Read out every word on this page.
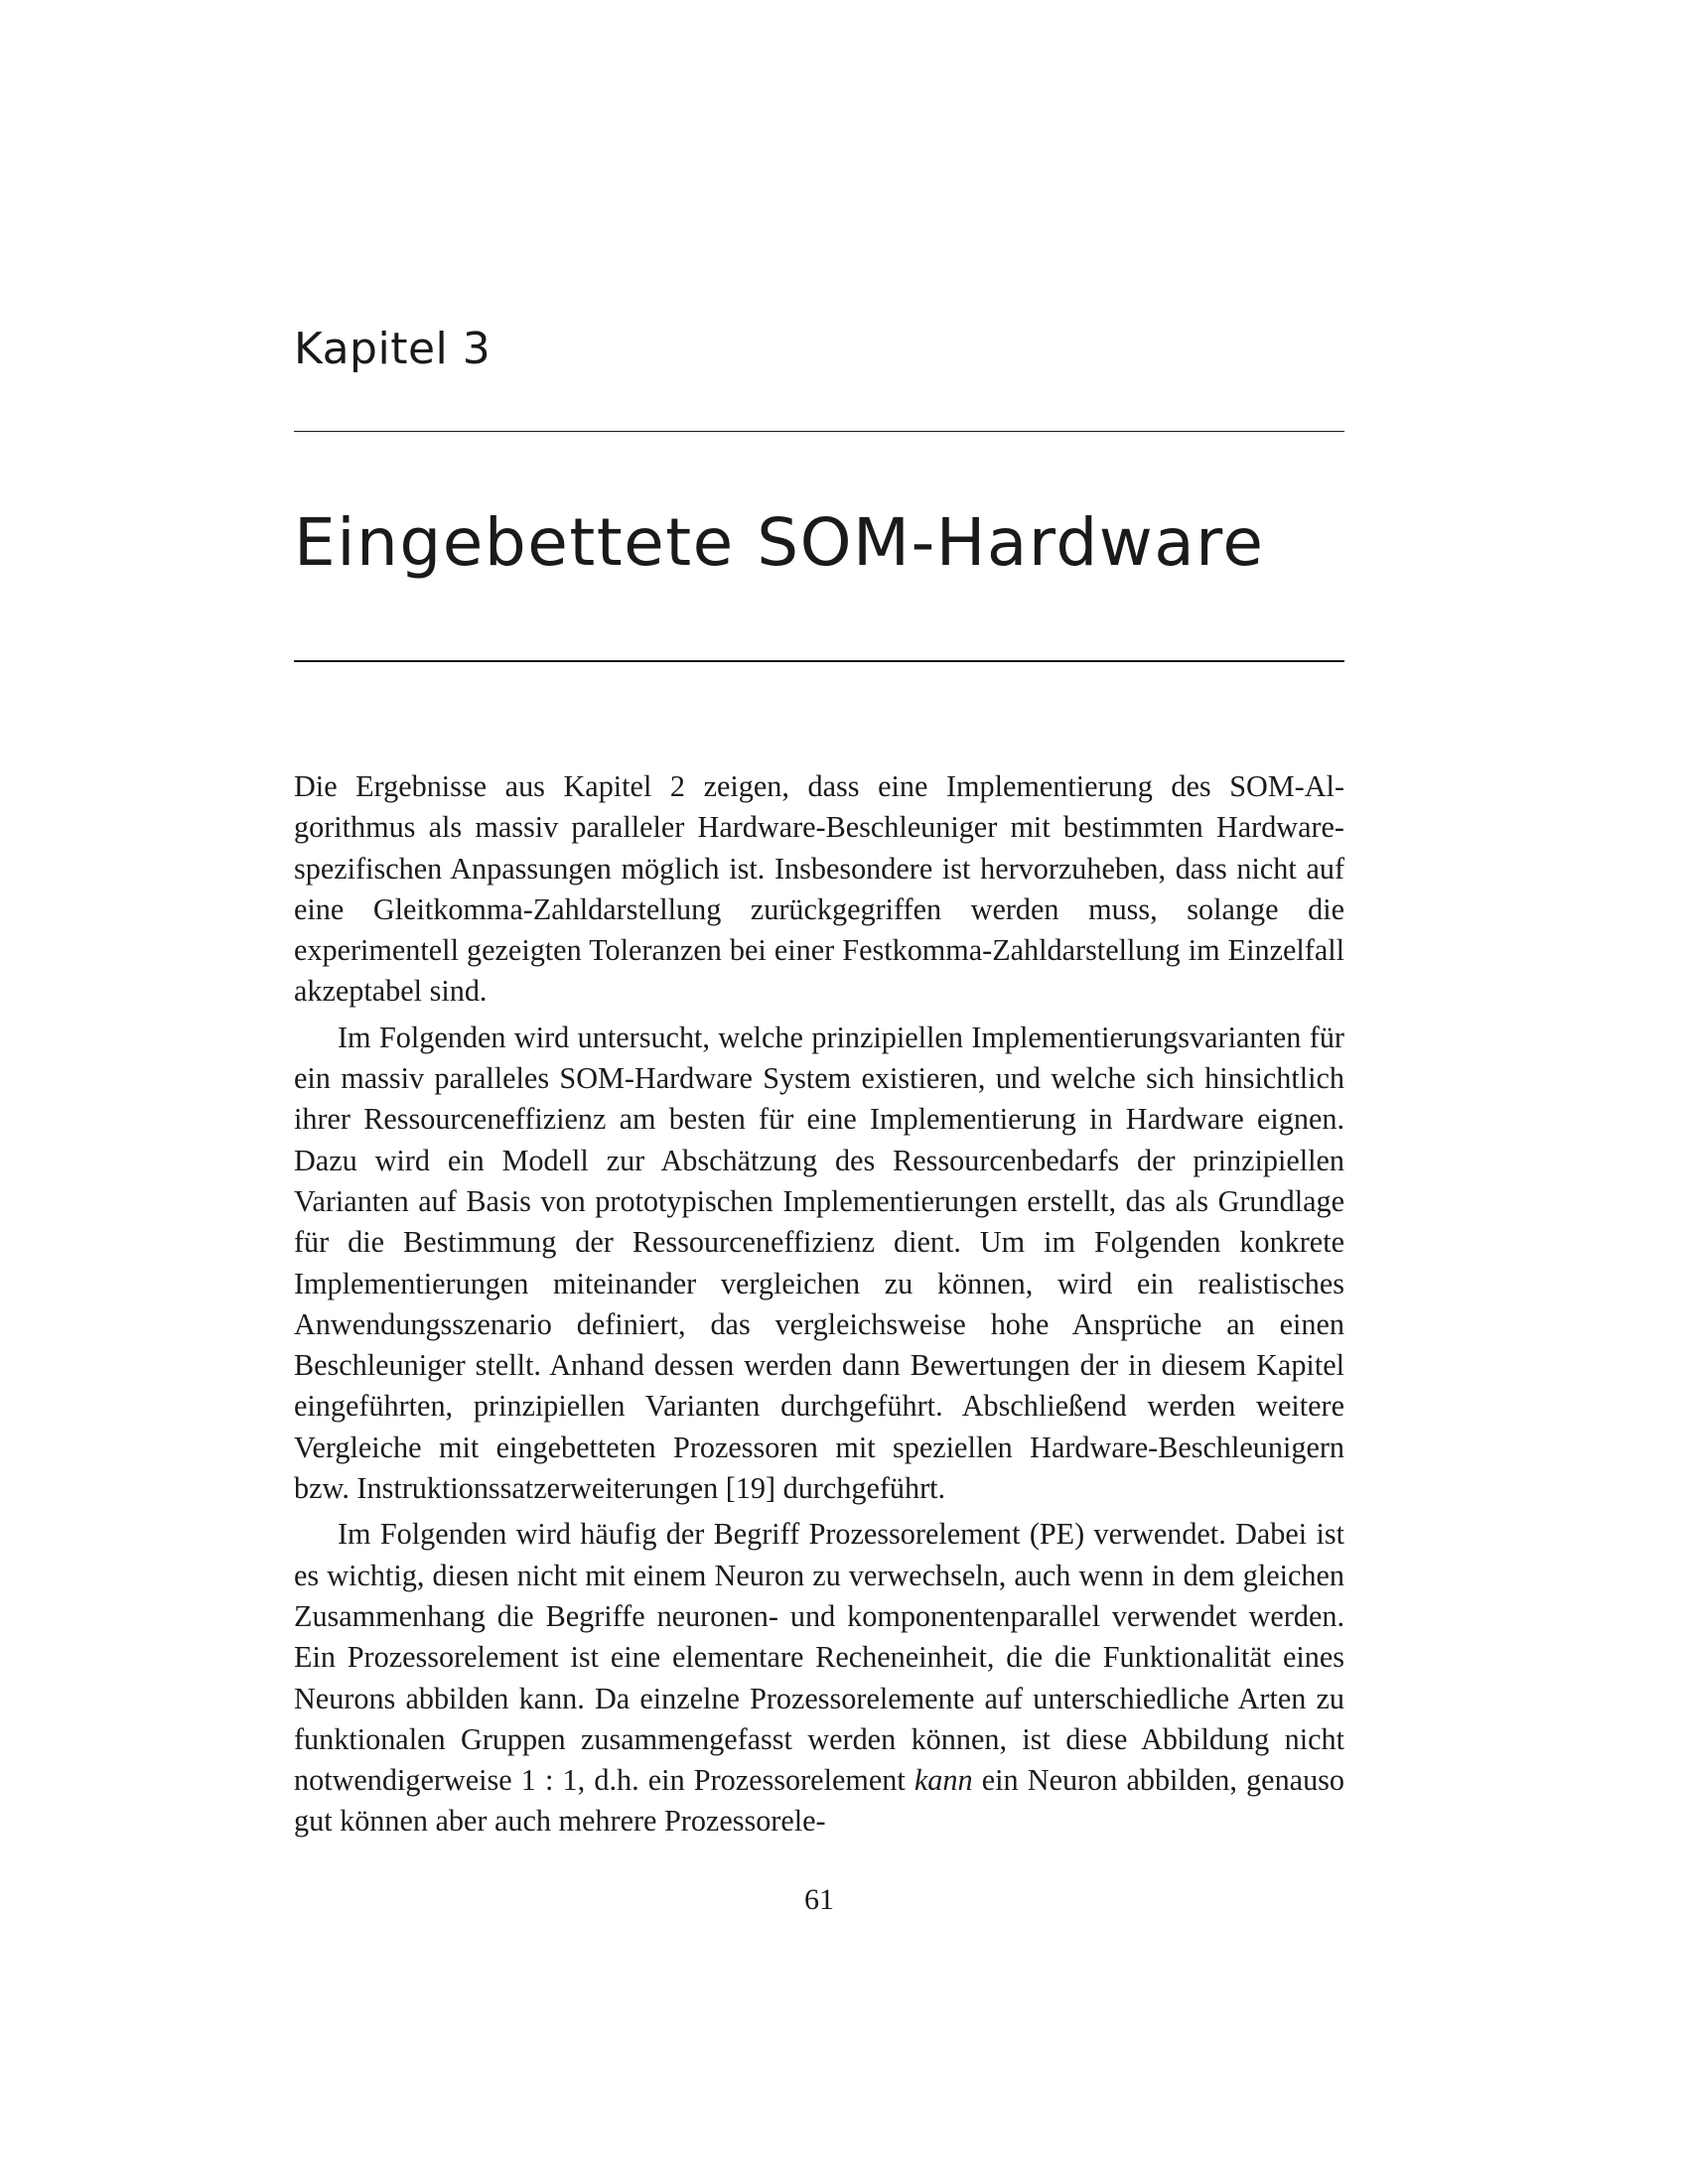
Kapitel 3
Eingebettete SOM-Hardware

Die Ergebnisse aus Kapitel 2 zeigen, dass eine Implementierung des SOM-Algorithmus als massiv paralleler Hardware-Beschleuniger mit bestimmten Hardware-spezifischen Anpassungen möglich ist. Insbesondere ist hervorzuheben, dass nicht auf eine Gleitkomma-Zahldarstellung zurückgegriffen werden muss, solange die experimentell gezeigten Toleranzen bei einer Festkomma-Zahldarstellung im Einzelfall akzeptabel sind.

Im Folgenden wird untersucht, welche prinzipiellen Implementierungsvarianten für ein massiv paralleles SOM-Hardware System existieren, und welche sich hinsichtlich ihrer Ressourceneffizienz am besten für eine Implementierung in Hardware eignen. Dazu wird ein Modell zur Abschätzung des Ressourcenbedarfs der prinzipiellen Varianten auf Basis von prototypischen Implementierungen erstellt, das als Grundlage für die Bestimmung der Ressourceneffizienz dient. Um im Folgenden konkrete Implementierungen miteinander vergleichen zu können, wird ein realistisches Anwendungsszenario definiert, das vergleichsweise hohe Ansprüche an einen Beschleuniger stellt. Anhand dessen werden dann Bewertungen der in diesem Kapitel eingeführten, prinzipiellen Varianten durchgeführt. Abschließend werden weitere Vergleiche mit eingebetteten Prozessoren mit speziellen Hardware-Beschleunigern bzw. Instruktionssatzerweiterungen [19] durchgeführt.

Im Folgenden wird häufig der Begriff Prozessorelement (PE) verwendet. Dabei ist es wichtig, diesen nicht mit einem Neuron zu verwechseln, auch wenn in dem gleichen Zusammenhang die Begriffe neuronen- und komponentenparallel verwendet werden. Ein Prozessorelement ist eine elementare Recheneinheit, die die Funktionalität eines Neurons abbilden kann. Da einzelne Prozessorelemente auf unterschiedliche Arten zu funktionalen Gruppen zusammengefasst werden können, ist diese Abbildung nicht notwendigerweise 1 : 1, d.h. ein Prozessorelement kann ein Neuron abbilden, genauso gut können aber auch mehrere Prozessorele-

61
